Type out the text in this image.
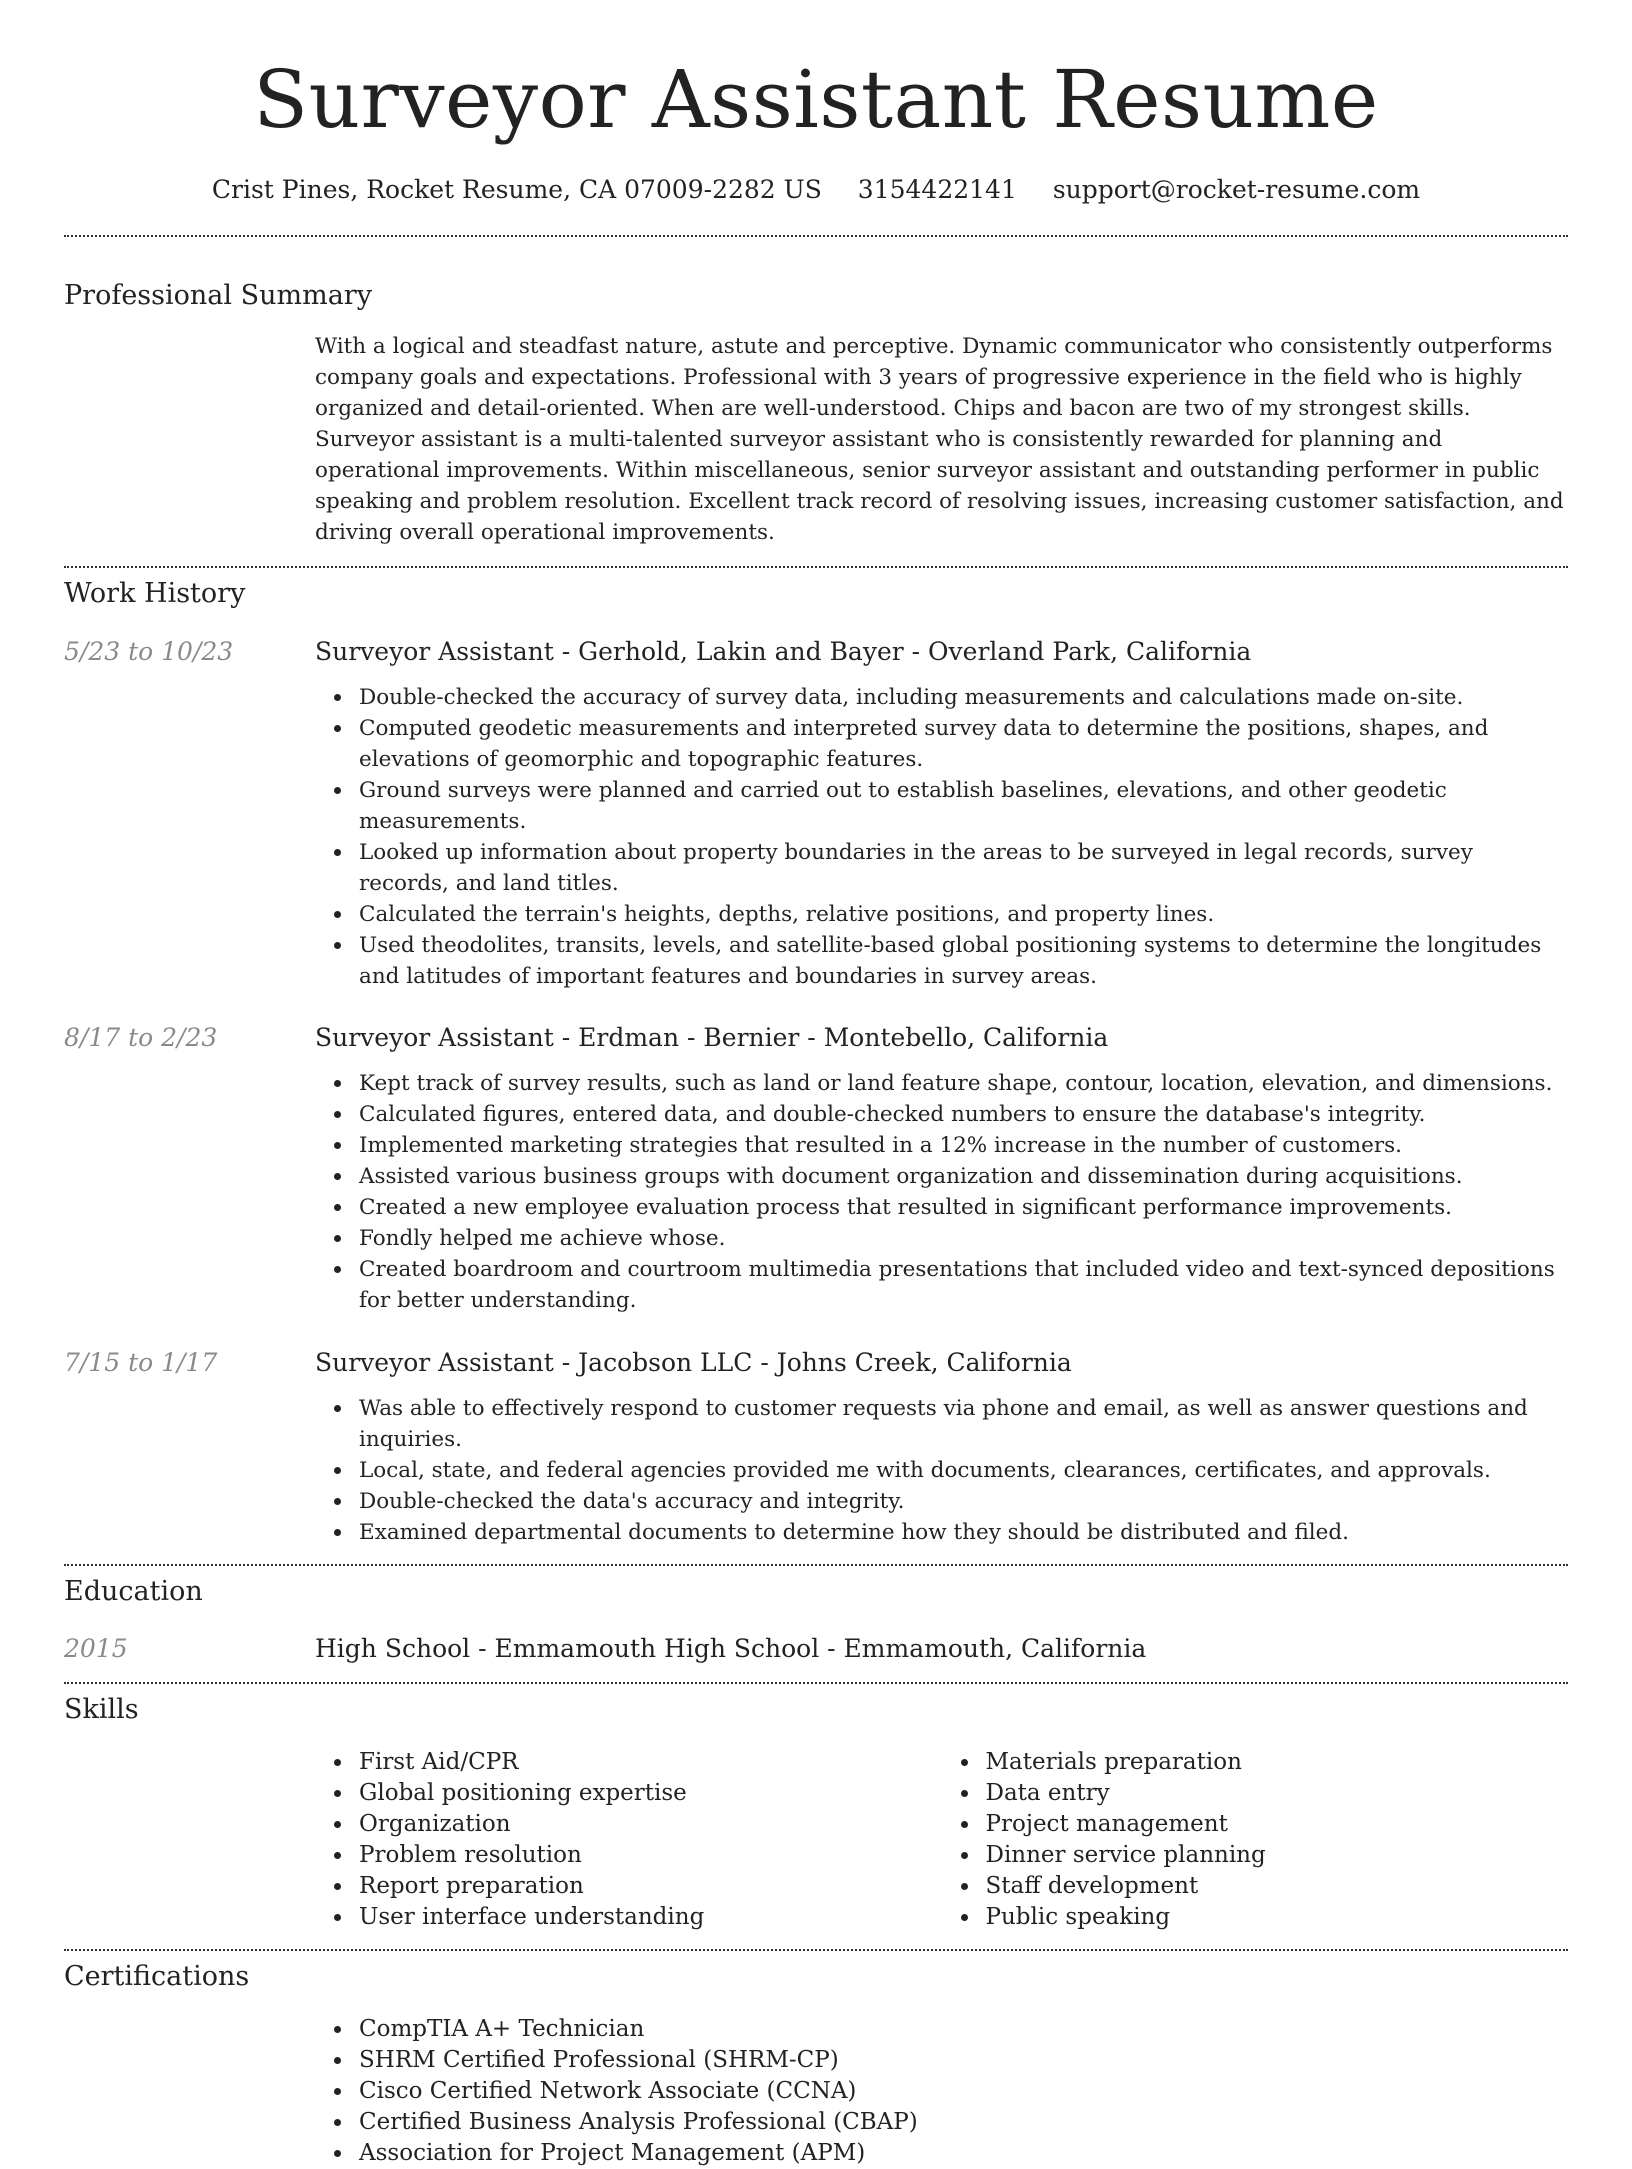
Surveyor Assistant Resume
Crist Pines, Rocket Resume, CA 07009-2282 US 3154422141 support@rocket-resume.com
Professional Summary

With a logical and steadfast nature, astute and perceptive. Dynamic communicator who consistently outperforms company goals and expectations. Professional with 3 years of progressive experience in the field who is highly organized and detail-oriented. When are well-understood. Chips and bacon are two of my strongest skills. Surveyor assistant is a multi-talented surveyor assistant who is consistently rewarded for planning and operational improvements. Within miscellaneous, senior surveyor assistant and outstanding performer in public speaking and problem resolution. Excellent track record of resolving issues, increasing customer satisfaction, and driving overall operational improvements.

Work History
5/23 to 10/23	Surveyor Assistant - Gerhold, Lakin and Bayer - Overland Park, California
Double-checked the accuracy of survey data, including measurements and calculations made on-site.
Computed geodetic measurements and interpreted survey data to determine the positions, shapes, and elevations of geomorphic and topographic features.
Ground surveys were planned and carried out to establish baselines, elevations, and other geodetic measurements.
Looked up information about property boundaries in the areas to be surveyed in legal records, survey records, and land titles.
Calculated the terrain's heights, depths, relative positions, and property lines.
Used theodolites, transits, levels, and satellite-based global positioning systems to determine the longitudes and latitudes of important features and boundaries in survey areas.
8/17 to 2/23	Surveyor Assistant - Erdman - Bernier - Montebello, California
Kept track of survey results, such as land or land feature shape, contour, location, elevation, and dimensions.
Calculated figures, entered data, and double-checked numbers to ensure the database's integrity.
Implemented marketing strategies that resulted in a 12% increase in the number of customers.
Assisted various business groups with document organization and dissemination during acquisitions.
Created a new employee evaluation process that resulted in significant performance improvements.
Fondly helped me achieve whose.
Created boardroom and courtroom multimedia presentations that included video and text-synced depositions for better understanding.
7/15 to 1/17	Surveyor Assistant - Jacobson LLC - Johns Creek, California
Was able to effectively respond to customer requests via phone and email, as well as answer questions and inquiries.
Local, state, and federal agencies provided me with documents, clearances, certificates, and approvals.
Double-checked the data's accuracy and integrity.
Examined departmental documents to determine how they should be distributed and filed.
Education
2015	High School - Emmamouth High School - Emmamouth, California
Skills
First Aid/CPR
Global positioning expertise
Organization
Problem resolution
Report preparation
User interface understanding
Materials preparation
Data entry
Project management
Dinner service planning
Staff development
Public speaking
Certifications
CompTIA A+ Technician
SHRM Certified Professional (SHRM-CP)
Cisco Certified Network Associate (CCNA)
Certified Business Analysis Professional (CBAP)
Association for Project Management (APM)
